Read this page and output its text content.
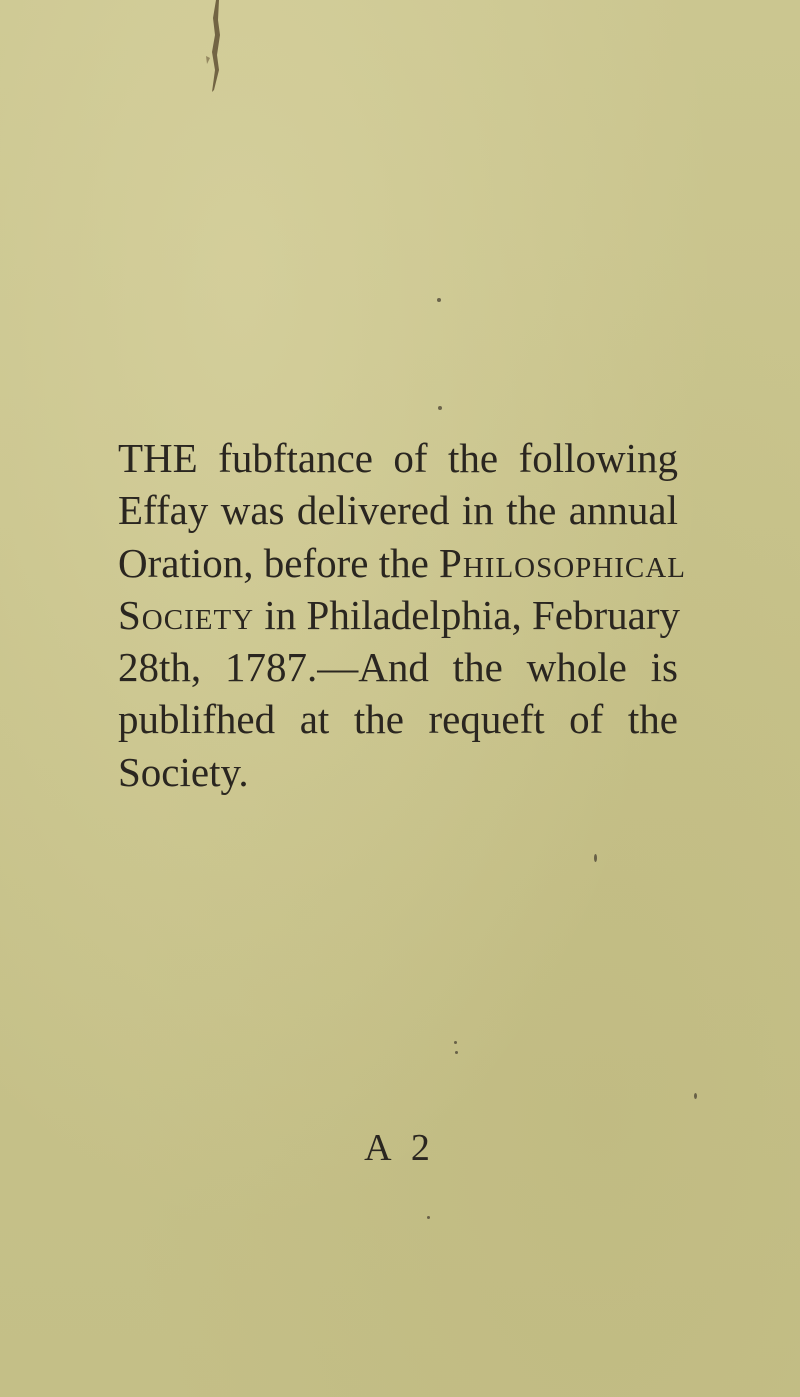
THE fubftance of the following
Effay was delivered in the annual
Oration, before the Philosophical
Society in Philadelphia, February
28th, 1787.—And the whole is
publifhed at the requeft of the
Society.
A 2
